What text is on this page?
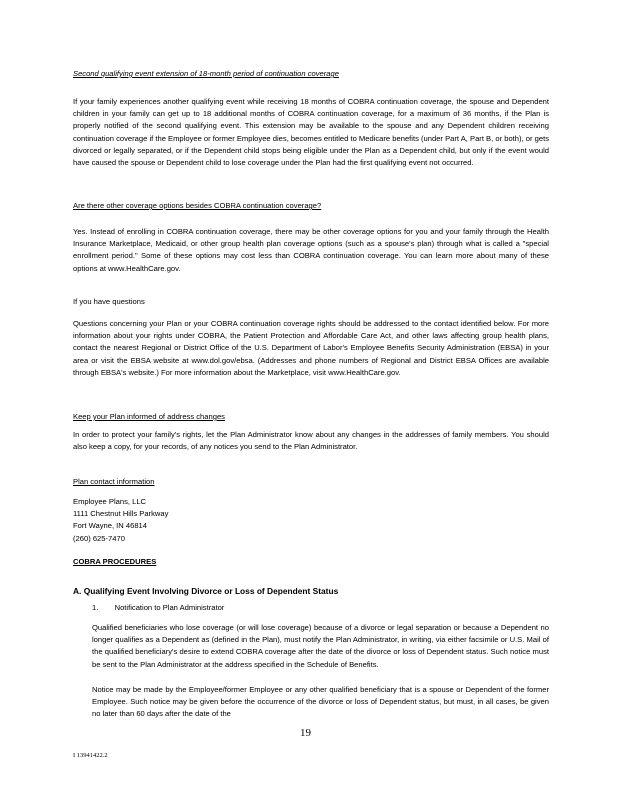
Second qualifying event extension of 18-month period of continuation coverage
If your family experiences another qualifying event while receiving 18 months of COBRA continuation coverage, the spouse and Dependent children in your family can get up to 18 additional months of COBRA continuation coverage, for a maximum of 36 months, if the Plan is properly notified of the second qualifying event. This extension may be available to the spouse and any Dependent children receiving continuation coverage if the Employee or former Employee dies, becomes entitled to Medicare benefits (under Part A, Part B, or both), or gets divorced or legally separated, or if the Dependent child stops being eligible under the Plan as a Dependent child, but only if the event would have caused the spouse or Dependent child to lose coverage under the Plan had the first qualifying event not occurred.
Are there other coverage options besides COBRA continuation coverage?
Yes. Instead of enrolling in COBRA continuation coverage, there may be other coverage options for you and your family through the Health Insurance Marketplace, Medicaid, or other group health plan coverage options (such as a spouse's plan) through what is called a "special enrollment period." Some of these options may cost less than COBRA continuation coverage. You can learn more about many of these options at www.HealthCare.gov.
If you have questions
Questions concerning your Plan or your COBRA continuation coverage rights should be addressed to the contact identified below. For more information about your rights under COBRA, the Patient Protection and Affordable Care Act, and other laws affecting group health plans, contact the nearest Regional or District Office of the U.S. Department of Labor's Employee Benefits Security Administration (EBSA) in your area or visit the EBSA website at www.dol.gov/ebsa. (Addresses and phone numbers of Regional and District EBSA Offices are available through EBSA's website.) For more information about the Marketplace, visit www.HealthCare.gov.
Keep your Plan informed of address changes
In order to protect your family's rights, let the Plan Administrator know about any changes in the addresses of family members. You should also keep a copy, for your records, of any notices you send to the Plan Administrator.
Plan contact information
Employee Plans, LLC
1111 Chestnut Hills Parkway
Fort Wayne, IN 46814
(260) 625-7470
COBRA PROCEDURES
A. Qualifying Event Involving Divorce or Loss of Dependent Status
1. Notification to Plan Administrator
Qualified beneficiaries who lose coverage (or will lose coverage) because of a divorce or legal separation or because a Dependent no longer qualifies as a Dependent as (defined in the Plan), must notify the Plan Administrator, in writing, via either facsimile or U.S. Mail of the qualified beneficiary's desire to extend COBRA coverage after the date of the divorce or loss of Dependent status. Such notice must be sent to the Plan Administrator at the address specified in the Schedule of Benefits.
Notice may be made by the Employee/former Employee or any other qualified beneficiary that is a spouse or Dependent of the former Employee. Such notice may be given before the occurrence of the divorce or loss of Dependent status, but must, in all cases, be given no later than 60 days after the date of the
19
I 13941422.2
